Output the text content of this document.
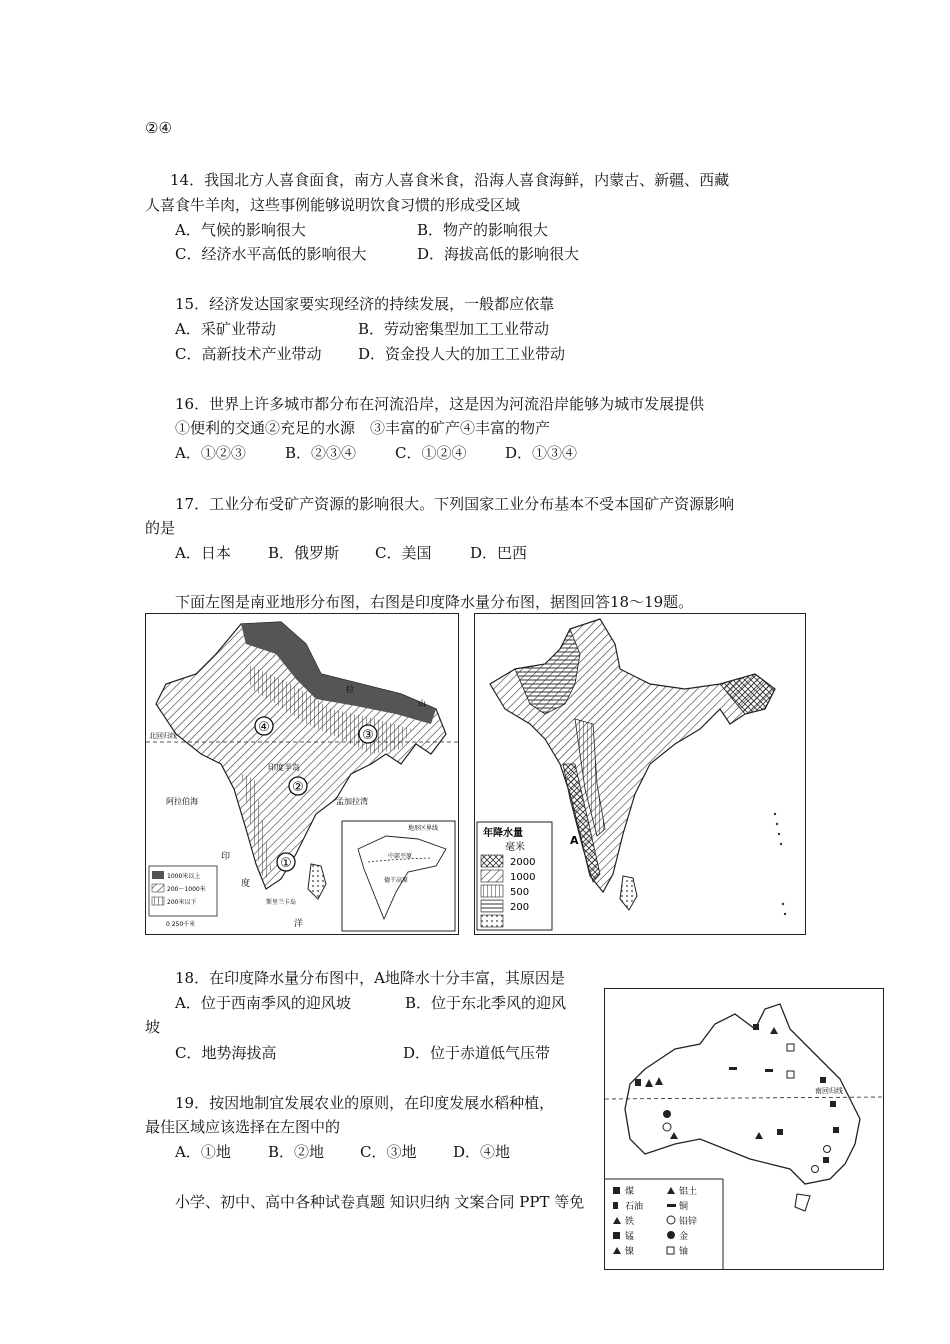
②④
14．我国北方人喜食面食，南方人喜食米食，沿海人喜食海鲜，内蒙古、新疆、西藏
人喜食牛羊肉，这些事例能够说明饮食习惯的形成受区域
A．气候的影响很大	B．物产的影响很大
C．经济水平高低的影响很大	D．海拔高低的影响很大
15．经济发达国家要实现经济的持续发展，一般都应依靠
A．采矿业带动	B．劳动密集型加工工业带动
C．高新技术产业带动 D．资金投人大的加工工业带动
16．世界上许多城市都分布在河流沿岸，这是因为河流沿岸能够为城市发展提供
①便利的交通②充足的水源　③丰富的矿产④丰富的物产
A．①②③	B．②③④	C．①②④	D．①③④
17．工业分布受矿产资源的影响很大。下列国家工业分布基本不受本国矿产资源影响
的是
A．日本 B．俄罗斯 C．美国	D．巴西
下面左图是南亚地形分布图，右图是印度降水量分布图，据图回答18～19题。
北回归线
①
②
③
④
拉
山
印度半岛
阿拉伯海	孟加拉湾
印
度
洋
斯里兰卡岛
1000米以上
200～1000米
200米以下
0 250千米
地形区界线
中部平原
德干高原
A
年降水量
毫米
2000
1000
500
200
18．在印度降水量分布图中，A地降水十分丰富，其原因是
A．位于西南季风的迎风坡	B．位于东北季风的迎风
坡
C．地势海拔高	D．位于赤道低气压带
19．按因地制宜发展农业的原则，在印度发展水稻种植，
最佳区域应该选择在左图中的
A．①地 B．②地 C．③地 D．④地
小学、初中、高中各种试卷真题 知识归纳 文案合同 PPT 等免
南回归线
煤	铝土
石油	铜
铁	铅锌
锰	金
镍	铀
